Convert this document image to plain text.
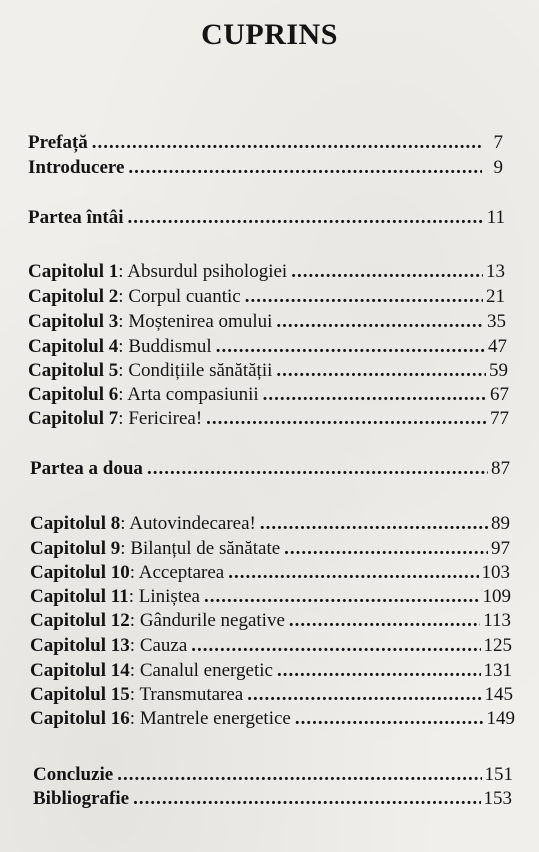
CUPRINS
Prefață .....	7
Introducere .....	9
Partea întâi .....	11
Capitolul 1: Absurdul psihologiei .....	13
Capitolul 2: Corpul cuantic .....	21
Capitolul 3: Moștenirea omului .....	35
Capitolul 4: Buddismul .....	47
Capitolul 5: Condițiile sănătății .....	59
Capitolul 6: Arta compasiunii .....	67
Capitolul 7: Fericirea! .....	77
Partea a doua .....	87
Capitolul 8: Autovindecarea! .....	89
Capitolul 9: Bilanțul de sănătate .....	97
Capitolul 10: Acceptarea .....	103
Capitolul 11: Liniștea .....	109
Capitolul 12: Gândurile negative .....	113
Capitolul 13: Cauza .....	125
Capitolul 14: Canalul energetic .....	131
Capitolul 15: Transmutarea .....	145
Capitolul 16: Mantrele energetice .....	149
Concluzie .....	151
Bibliografie .....	153
